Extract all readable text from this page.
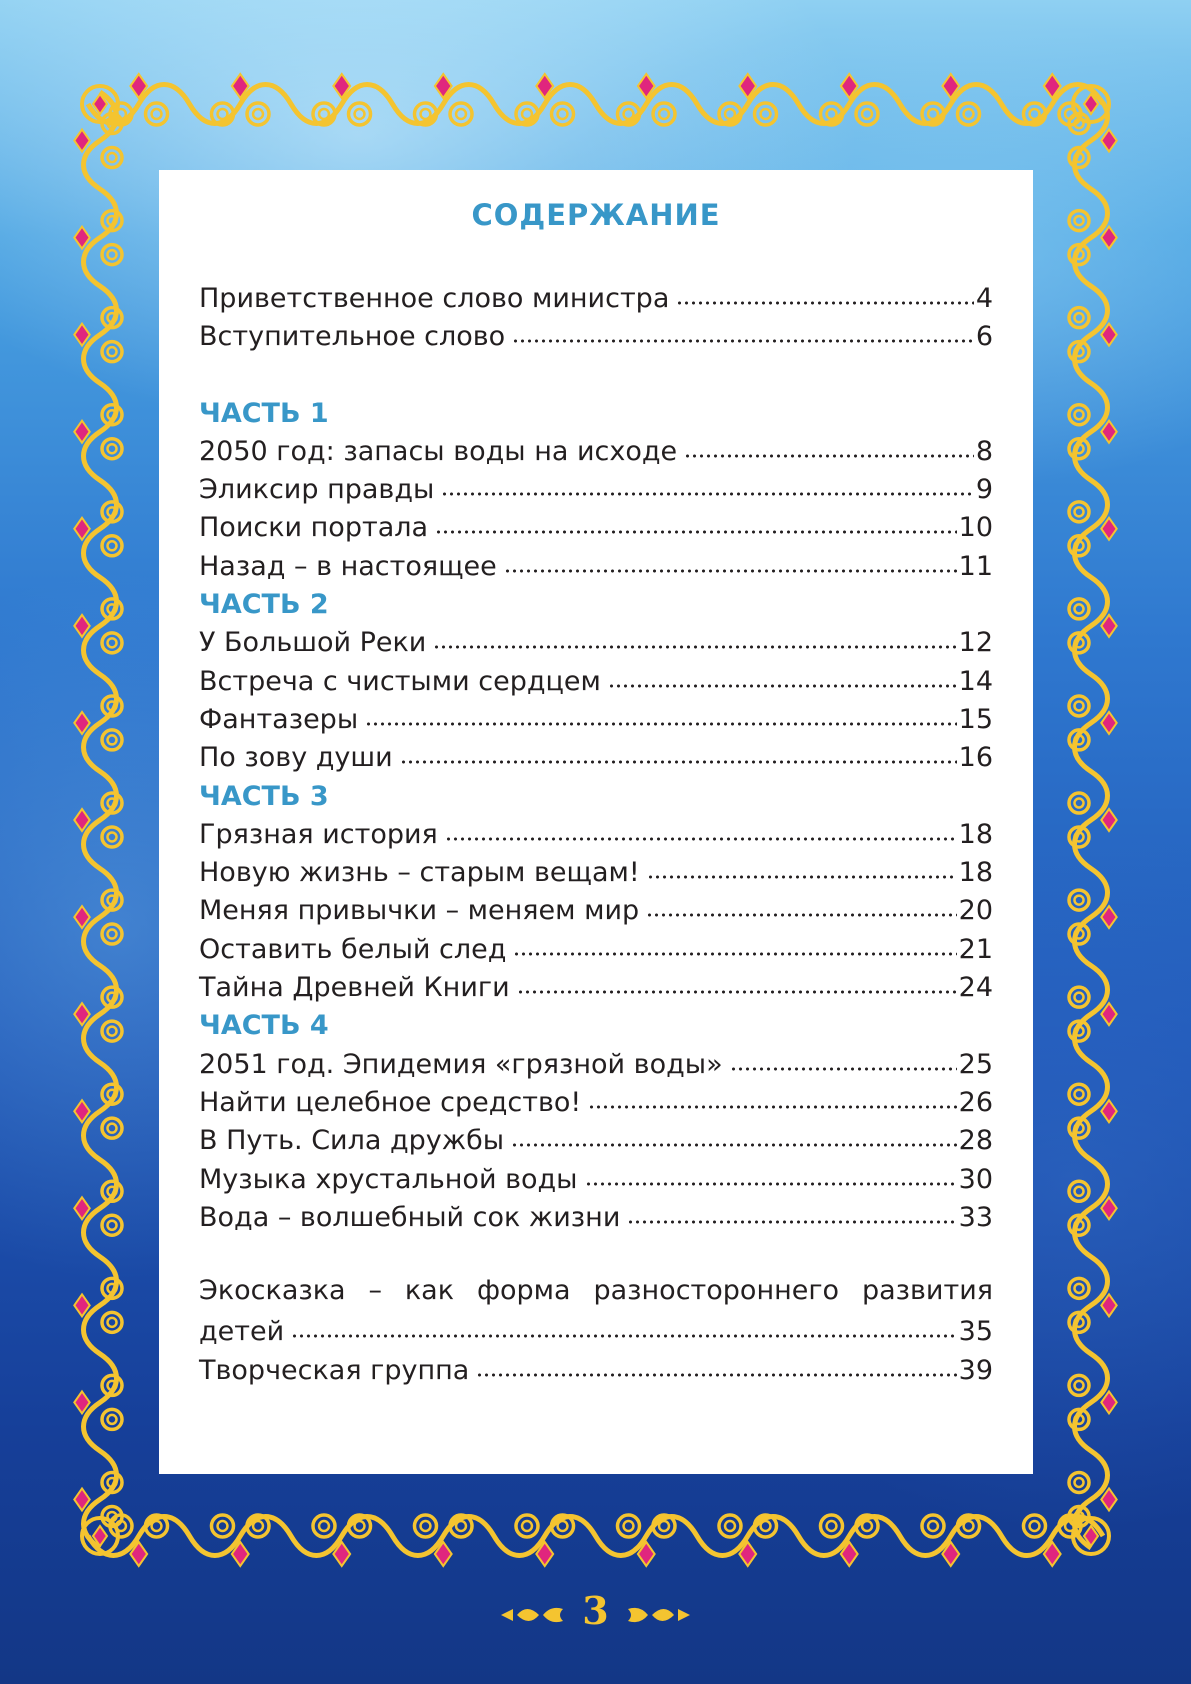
СОДЕРЖАНИЕ
Приветственное слово министра	4
Вступительное слово	6
ЧАСТЬ 1
2050 год: запасы воды на исходе	8
Эликсир правды	9
Поиски портала	10
Назад – в настоящее	11
ЧАСТЬ 2
У Большой Реки	12
Встреча с чистыми сердцем	14
Фантазеры	15
По зову души	16
ЧАСТЬ 3
Грязная история	18
Новую жизнь – старым вещам!	18
Меняя привычки – меняем мир	20
Оставить белый след	21
Тайна Древней Книги	24
ЧАСТЬ 4
2051 год. Эпидемия «грязной воды»	25
Найти целебное средство!	26
В Путь. Сила дружбы	28
Музыка хрустальной воды	30
Вода – волшебный сок жизни	33
Экосказка – как форма разностороннего развития
детей	35
Творческая группа	39
3
